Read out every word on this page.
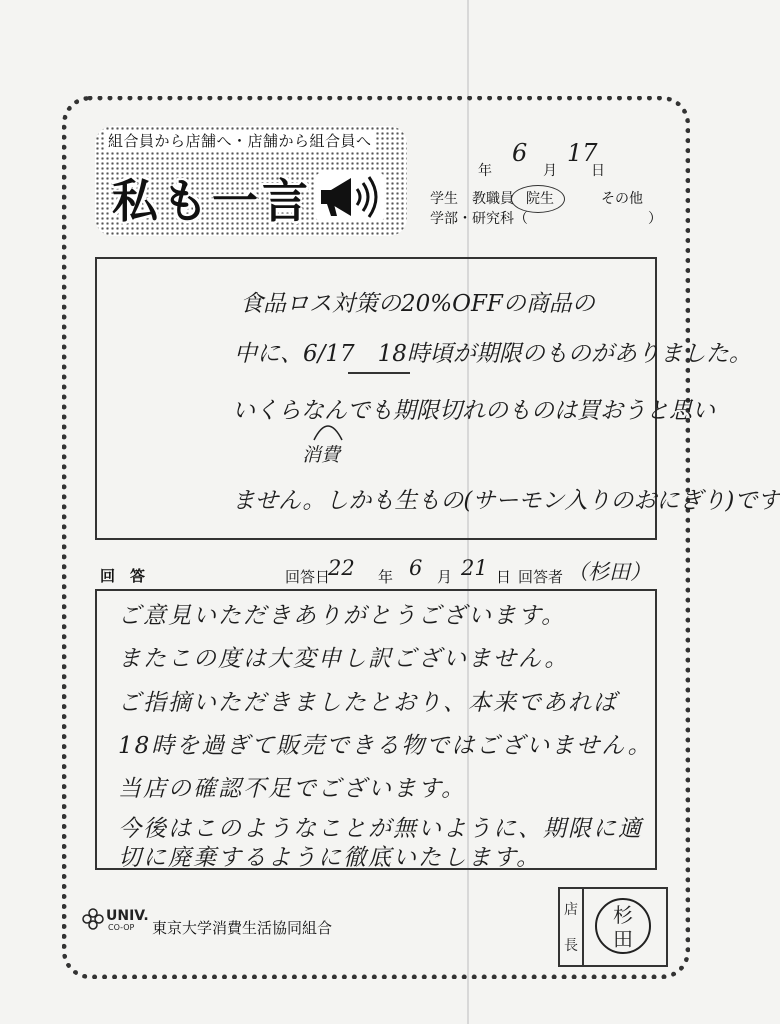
組合員から店舗へ・店舗から組合員へ
私も一言
年
6
月
17
日
学生 教職員 院生	その他
学部・研究科（	）
食品ロス対策の20%OFFの商品の
中に、6/17　18時頃が期限のものがありました。
いくらなんでも期限切れのものは買おうと思い
消費
ません。しかも生もの(サーモン入りのおにぎり)です
回　答	回答日
22 年 6 月 21 日 回答者 （杉田）
ご意見いただきありがとうございます。
またこの度は大変申し訳ございません。
ご指摘いただきましたとおり、本来であれば
18時を過ぎて販売できる物ではございません。
当店の確認不足でございます。
今後はこのようなことが無いように、期限に適
切に廃棄するように徹底いたします。
UNIV.
CO-OP 東京大学消費生活協同組合
店
長
杉
田
